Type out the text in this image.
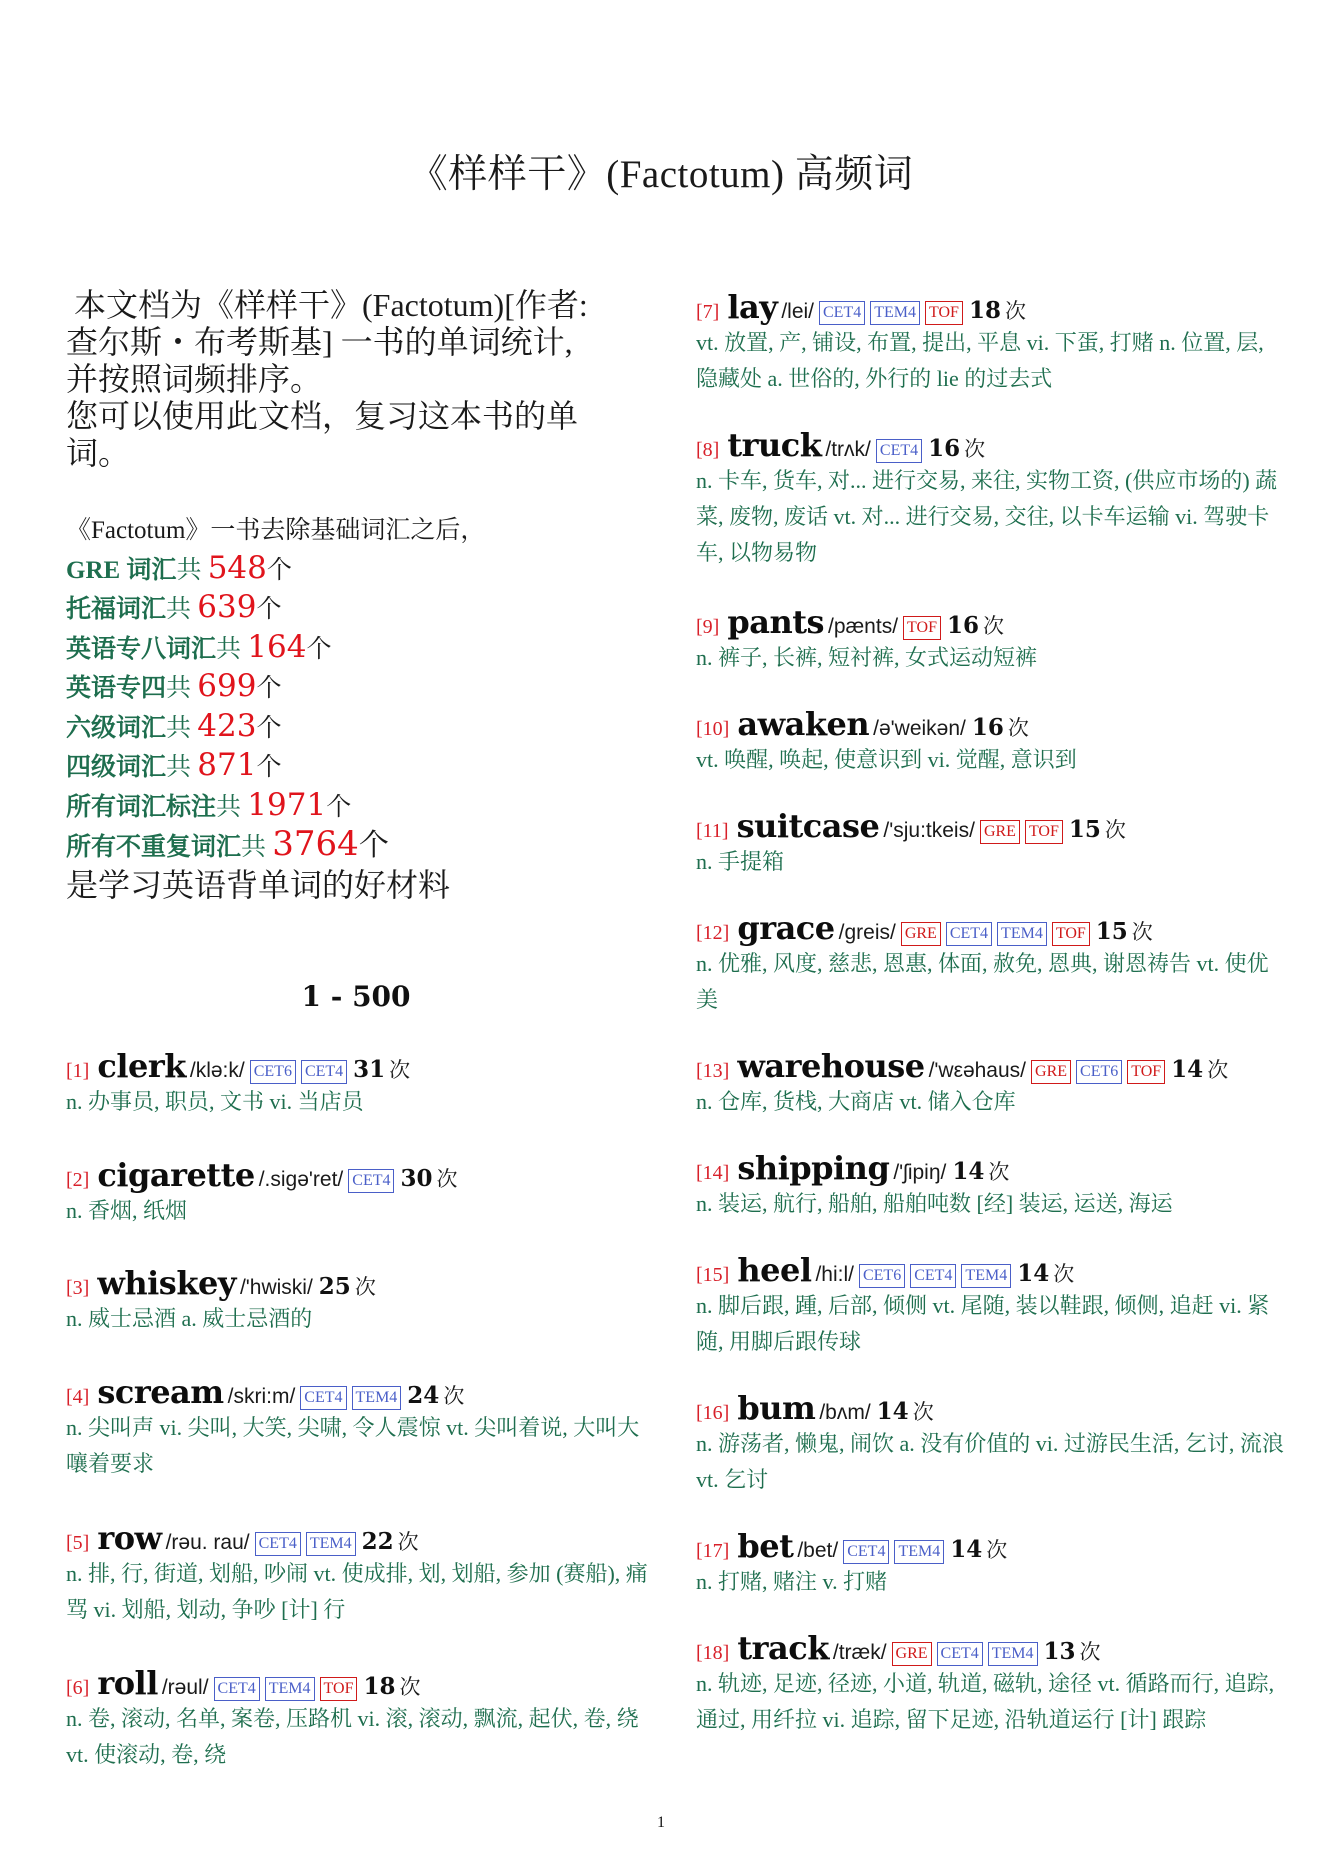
《样样干》(Factotum) 高频词

本文档为《样样干》(Factotum)[作者:

查尔斯・布考斯基] 一书的单词统计,

并按照词频排序。

您可以使用此文档，复习这本书的单

词。

《Factotum》一书去除基础词汇之后，
GRE 词汇共 548个
托福词汇共 639个
英语专八词汇共 164个
英语专四共 699个
六级词汇共 423个
四级词汇共 871个
所有词汇标注共 1971个
所有不重复词汇共 3764个
是学习英语背单词的好材料
1 - 500
[1] clerk /klə:k/ CET6 CET4 31 次
n. 办事员, 职员, 文书 vi. 当店员
[2] cigarette /.sigə'ret/ CET4 30 次
n. 香烟, 纸烟
[3] whiskey /'hwiski/ 25 次
n. 威士忌酒 a. 威士忌酒的
[4] scream /skri:m/ CET4 TEM4 24 次
n. 尖叫声 vi. 尖叫, 大笑, 尖啸, 令人震惊 vt. 尖叫着说, 大叫大嚷着要求
[5] row /rəu. rau/ CET4 TEM4 22 次
n. 排, 行, 街道, 划船, 吵闹 vt. 使成排, 划, 划船, 参加 (赛船), 痛骂 vi. 划船, 划动, 争吵 [计] 行
[6] roll /rəul/ CET4 TEM4 TOF 18 次
n. 卷, 滚动, 名单, 案卷, 压路机 vi. 滚, 滚动, 飘流, 起伏, 卷, 绕 vt. 使滚动, 卷, 绕
[7] lay /lei/ CET4 TEM4 TOF 18 次
vt. 放置, 产, 铺设, 布置, 提出, 平息 vi. 下蛋, 打赌 n. 位置, 层, 隐藏处 a. 世俗的, 外行的 lie 的过去式
[8] truck /trʌk/ CET4 16 次
n. 卡车, 货车, 对... 进行交易, 来往, 实物工资, (供应市场的) 蔬菜, 废物, 废话 vt. 对... 进行交易, 交往, 以卡车运输 vi. 驾驶卡车, 以物易物
[9] pants /pænts/ TOF 16 次
n. 裤子, 长裤, 短衬裤, 女式运动短裤
[10] awaken /ə'weikən/ 16 次
vt. 唤醒, 唤起, 使意识到 vi. 觉醒, 意识到
[11] suitcase /'sju:tkeis/ GRE TOF 15 次
n. 手提箱
[12] grace /greis/ GRE CET4 TEM4 TOF 15 次
n. 优雅, 风度, 慈悲, 恩惠, 体面, 赦免, 恩典, 谢恩祷告 vt. 使优美
[13] warehouse /'wεəhaus/ GRE CET6 TOF 14 次
n. 仓库, 货栈, 大商店 vt. 储入仓库
[14] shipping /'ʃipiŋ/ 14 次
n. 装运, 航行, 船舶, 船舶吨数 [经] 装运, 运送, 海运
[15] heel /hi:l/ CET6 CET4 TEM4 14 次
n. 脚后跟, 踵, 后部, 倾侧 vt. 尾随, 装以鞋跟, 倾侧, 追赶 vi. 紧随, 用脚后跟传球
[16] bum /bʌm/ 14 次
n. 游荡者, 懒鬼, 闹饮 a. 没有价值的 vi. 过游民生活, 乞讨, 流浪 vt. 乞讨
[17] bet /bet/ CET4 TEM4 14 次
n. 打赌, 赌注 v. 打赌
[18] track /træk/ GRE CET4 TEM4 13 次
n. 轨迹, 足迹, 径迹, 小道, 轨道, 磁轨, 途径 vt. 循路而行, 追踪, 通过, 用纤拉 vi. 追踪, 留下足迹, 沿轨道运行 [计] 跟踪
1
